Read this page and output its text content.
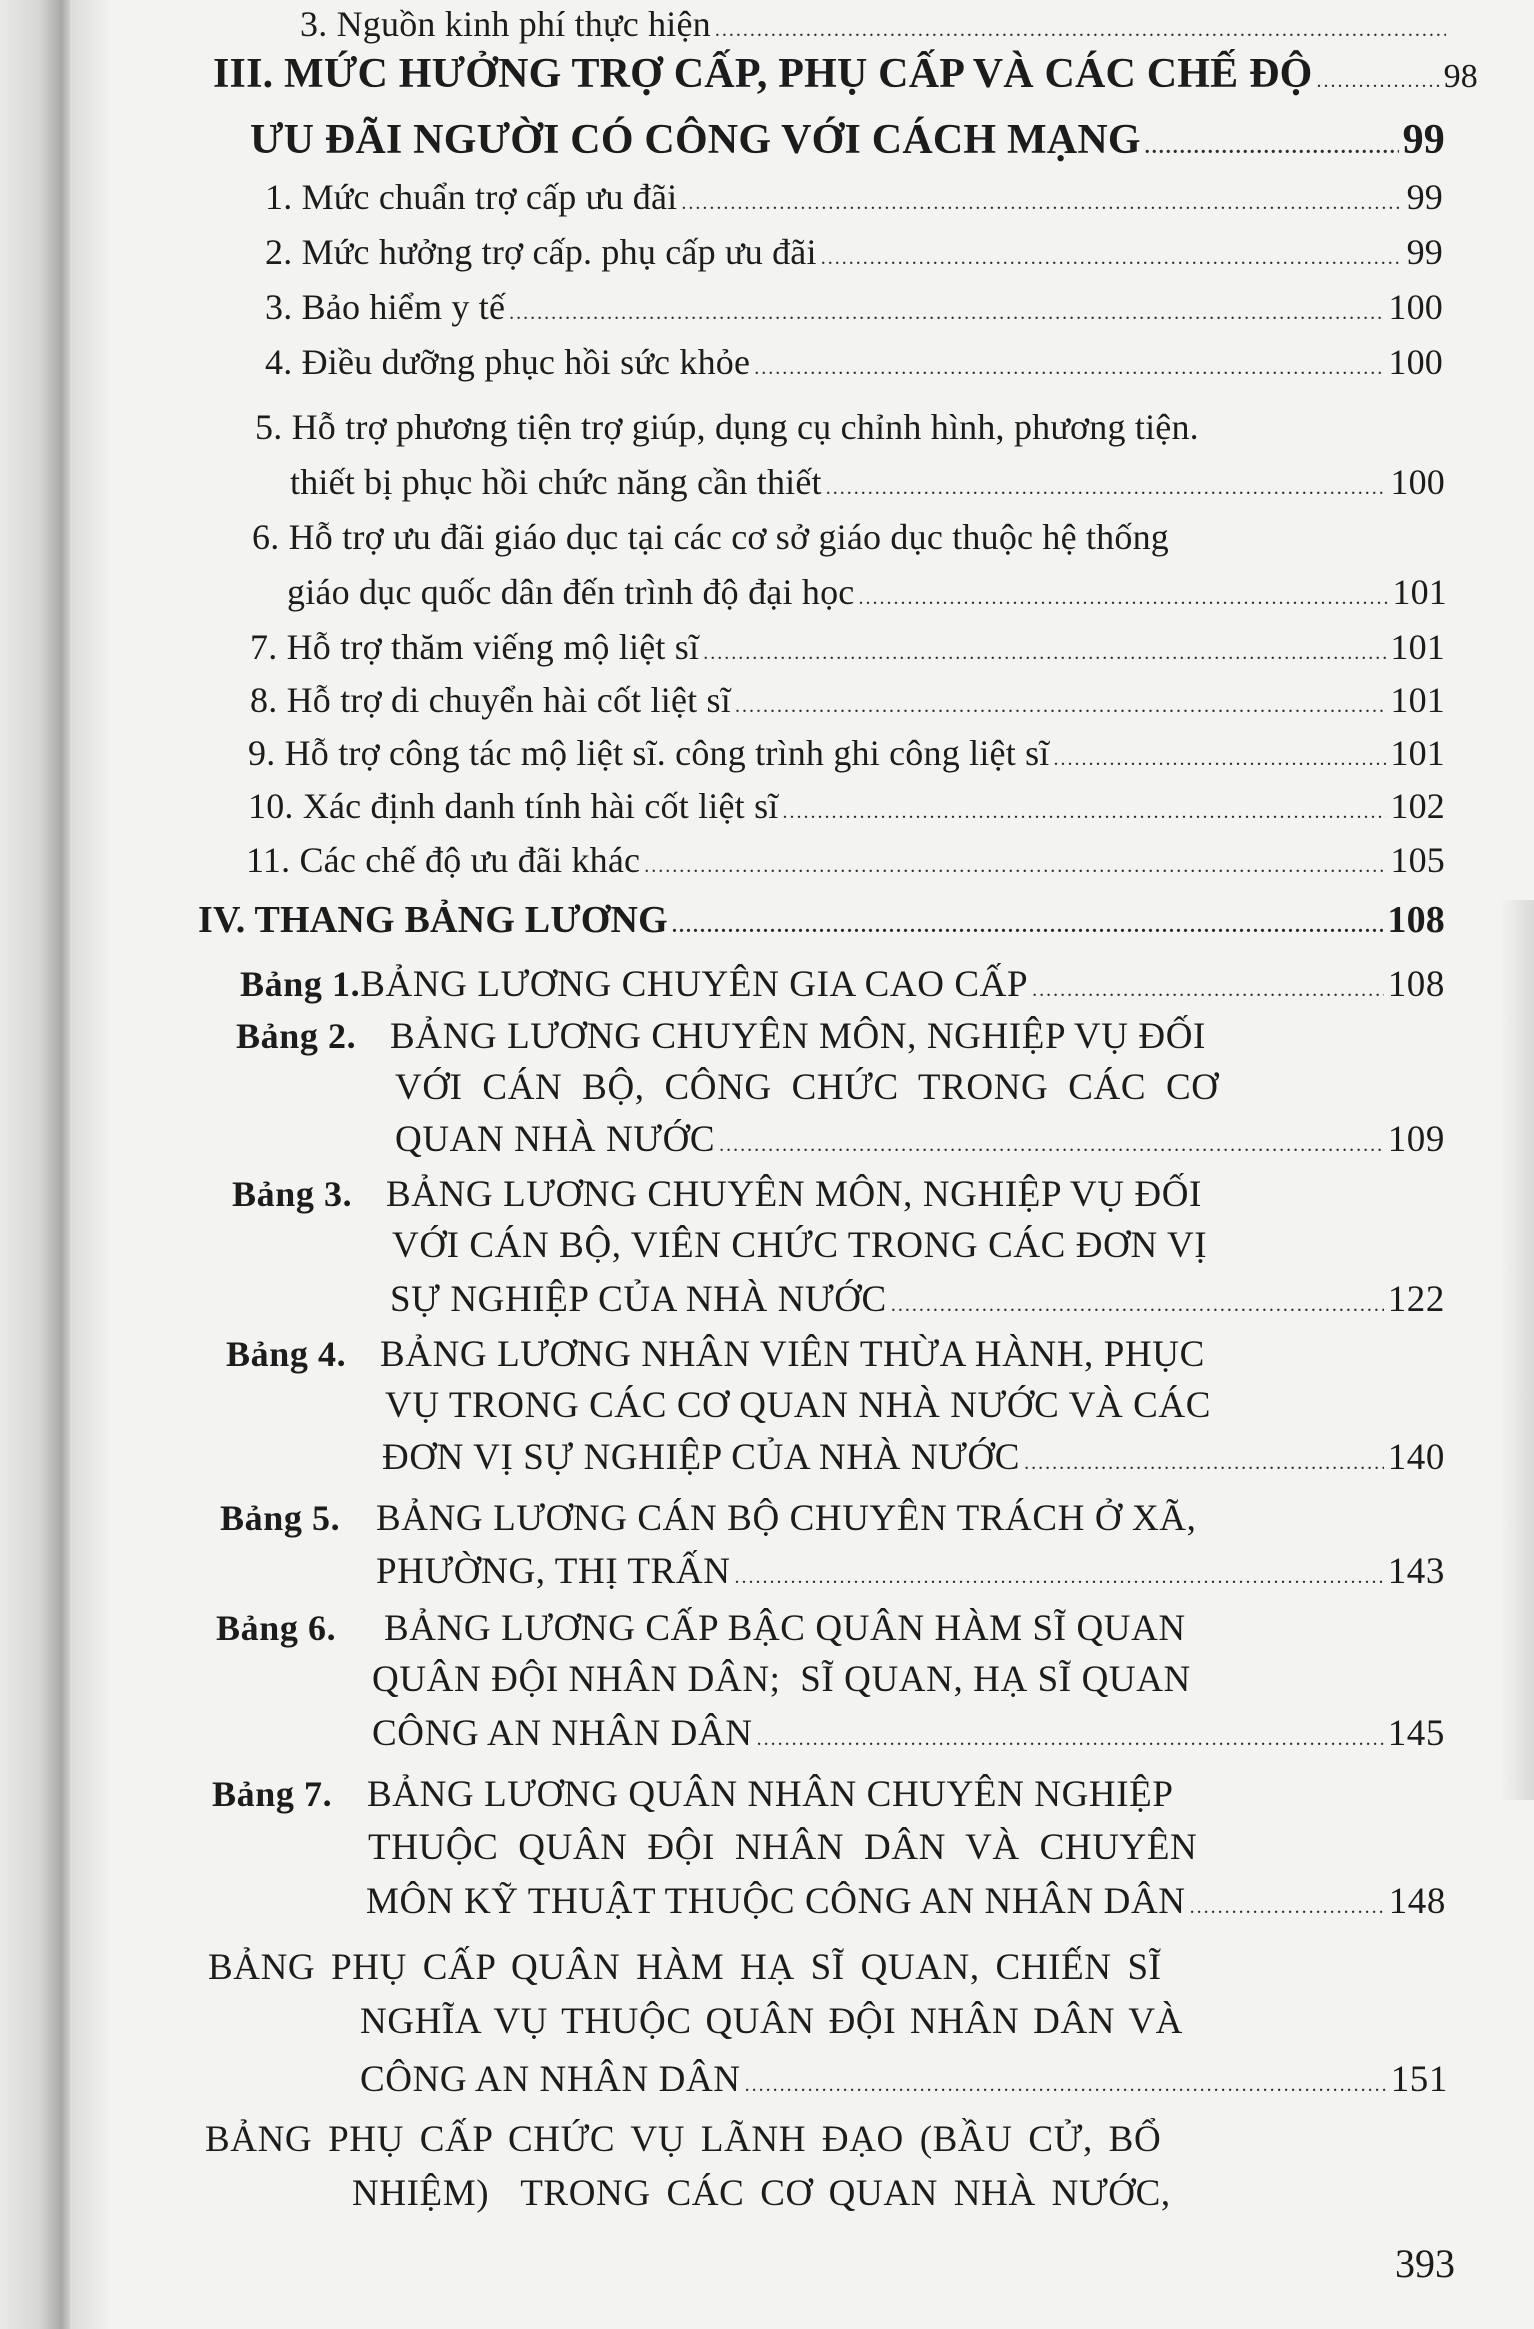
3. Nguồn kinh phí thực hiện
.....
III. MỨC HƯỞNG TRỢ CẤP, PHỤ CẤP VÀ CÁC CHẾ ĐỘ .....	98
ƯU ĐÃI NGƯỜI CÓ CÔNG VỚI CÁCH MẠNG .....	99
1. Mức chuẩn trợ cấp ưu đãi .....	99
2. Mức hưởng trợ cấp. phụ cấp ưu đãi .....	99
3. Bảo hiểm y tế .....	100
4. Điều dưỡng phục hồi sức khỏe .....	100
5. Hỗ trợ phương tiện trợ giúp, dụng cụ chỉnh hình, phương tiện.
thiết bị phục hồi chức năng cần thiết .....	100
6. Hỗ trợ ưu đãi giáo dục tại các cơ sở giáo dục thuộc hệ thống
giáo dục quốc dân đến trình độ đại học .....	101
7. Hỗ trợ thăm viếng mộ liệt sĩ .....	101
8. Hỗ trợ di chuyển hài cốt liệt sĩ .....	101
9. Hỗ trợ công tác mộ liệt sĩ. công trình ghi công liệt sĩ .....	101
10. Xác định danh tính hài cốt liệt sĩ .....	102
11. Các chế độ ưu đãi khác .....	105
IV. THANG BẢNG LƯƠNG .....	108
Bảng 1. BẢNG LƯƠNG CHUYÊN GIA CAO CẤP .....	108
Bảng 2. BẢNG LƯƠNG CHUYÊN MÔN, NGHIỆP VỤ ĐỐI
VỚI CÁN BỘ, CÔNG CHỨC TRONG CÁC CƠ
QUAN NHÀ NƯỚC .....	109
Bảng 3. BẢNG LƯƠNG CHUYÊN MÔN, NGHIỆP VỤ ĐỐI
VỚI CÁN BỘ, VIÊN CHỨC TRONG CÁC ĐƠN VỊ
SỰ NGHIỆP CỦA NHÀ NƯỚC .....	122
Bảng 4. BẢNG LƯƠNG NHÂN VIÊN THỪA HÀNH, PHỤC
VỤ TRONG CÁC CƠ QUAN NHÀ NƯỚC VÀ CÁC
ĐƠN VỊ SỰ NGHIỆP CỦA NHÀ NƯỚC .....	140
Bảng 5. BẢNG LƯƠNG CÁN BỘ CHUYÊN TRÁCH Ở XÃ,
PHƯỜNG, THỊ TRẤN .....	143
Bảng 6.	BẢNG LƯƠNG CẤP BẬC QUÂN HÀM SĨ QUAN
QUÂN ĐỘI NHÂN DÂN;  SĨ QUAN, HẠ SĨ QUAN
CÔNG AN NHÂN DÂN .....	145
Bảng 7. BẢNG LƯƠNG QUÂN NHÂN CHUYÊN NGHIỆP
THUỘC QUÂN ĐỘI NHÂN DÂN VÀ CHUYÊN
MÔN KỸ THUẬT THUỘC CÔNG AN NHÂN DÂN .....	148
BẢNG PHỤ CẤP QUÂN HÀM HẠ SĨ QUAN, CHIẾN SĨ
NGHĨA VỤ THUỘC QUÂN ĐỘI NHÂN DÂN VÀ
CÔNG AN NHÂN DÂN .....	151
BẢNG PHỤ CẤP CHỨC VỤ LÃNH ĐẠO (BẦU CỬ, BỔ
NHIỆM)  TRONG CÁC CƠ QUAN NHÀ NƯỚC,
393
